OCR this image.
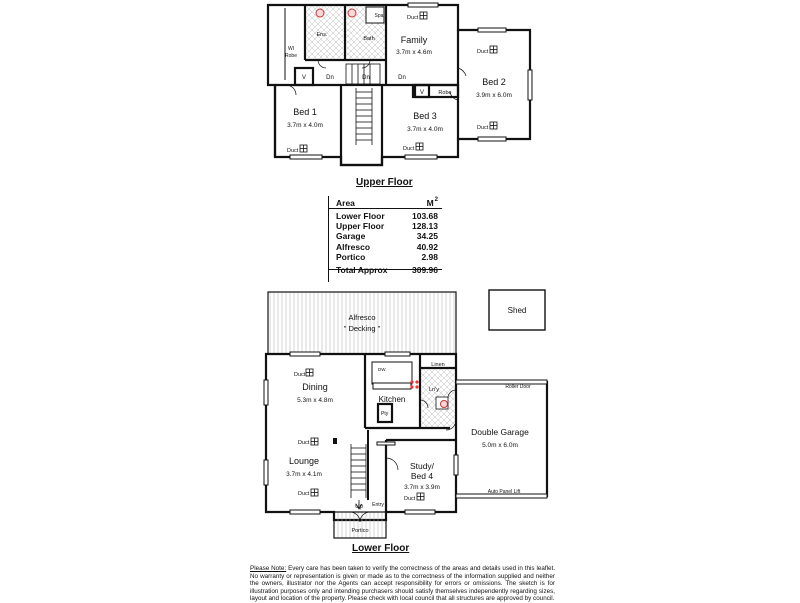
Duct
Duct
Duct
Duct	Duct
Family
3.7m x 4.6m
Bed 2
3.9m x 6.0m
Bed 1
3.7m x 4.0m
Bed 3
3.7m x 4.0m
Ens.
Bath
Spa
WI
Robe
Robe
V
V
Dn	Dn	Dn
Alfresco
" Decking "
Shed
Duct
Duct
Duct
Duct
Dining
5.3m x 4.8m	Kitchen
DW
Pty
Linen
Ln'y	Roller Door
Double Garage
5.0m x 6.0m
Auto Panel Lift
Lounge
3.7m x 4.1m
Study/
Bed 4
3.7m x 3.9m
Up Entry
Portico
Upper Floor
Area	$M^2$
Lower Floor	103.68
Upper Floor	128.13
Garage	34.25
Alfresco	40.92
Portico	2.98
Total Approx	309.96
Lower Floor
Please Note: Every care has been taken to verify the correctness of the areas and details used in this leaflet. No warranty or representation is given or made as to the correctness of the information supplied and neither the owners, illustrator nor the Agents can accept responsibility for errors or omissions. The sketch is for illustration purposes only and intending purchasers should satisfy themselves independently regarding sizes, layout and location of the property. Please check with local council that all structures are approved by council.
